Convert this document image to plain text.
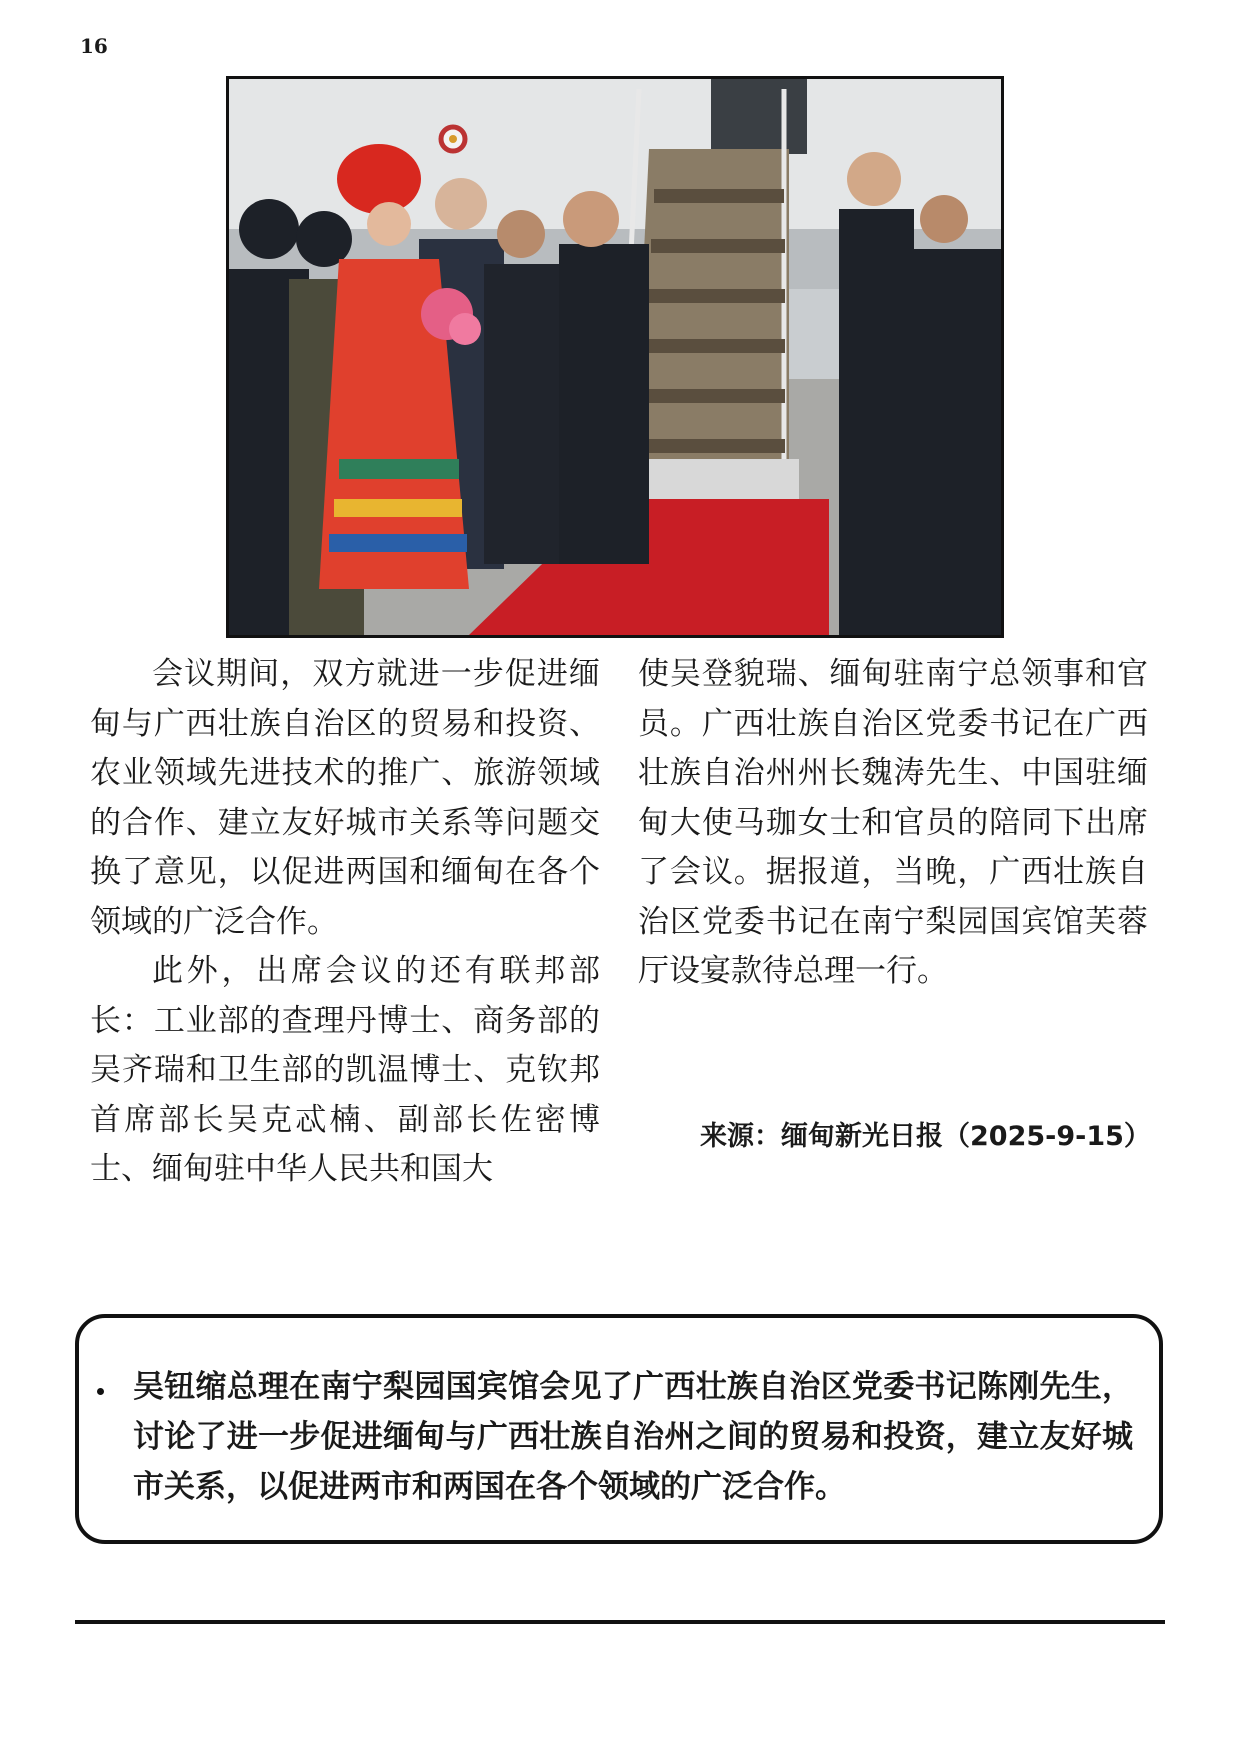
16

会议期间，双方就进一步促进缅甸与广西壮族自治区的贸易和投资、农业领域先进技术的推广、旅游领域的合作、建立友好城市关系等问题交换了意见，以促进两国和缅甸在各个领域的广泛合作。

此外，出席会议的还有联邦部长：工业部的查理丹博士、商务部的吴齐瑞和卫生部的凯温博士、克钦邦首席部长吴克忒楠、副部长佐密博士、缅甸驻中华人民共和国大

使吴登貌瑞、缅甸驻南宁总领事和官员。广西壮族自治区党委书记在广西壮族自治州州长魏涛先生、中国驻缅甸大使马珈女士和官员的陪同下出席了会议。据报道，当晚，广西壮族自治区党委书记在南宁梨园国宾馆芙蓉厅设宴款待总理一行。

来源：缅甸新光日报（2025-9-15）
吴钮缩总理在南宁梨园国宾馆会见了广西壮族自治区党委书记陈刚先生，讨论了进一步促进缅甸与广西壮族自治州之间的贸易和投资，建立友好城市关系，以促进两市和两国在各个领域的广泛合作。
